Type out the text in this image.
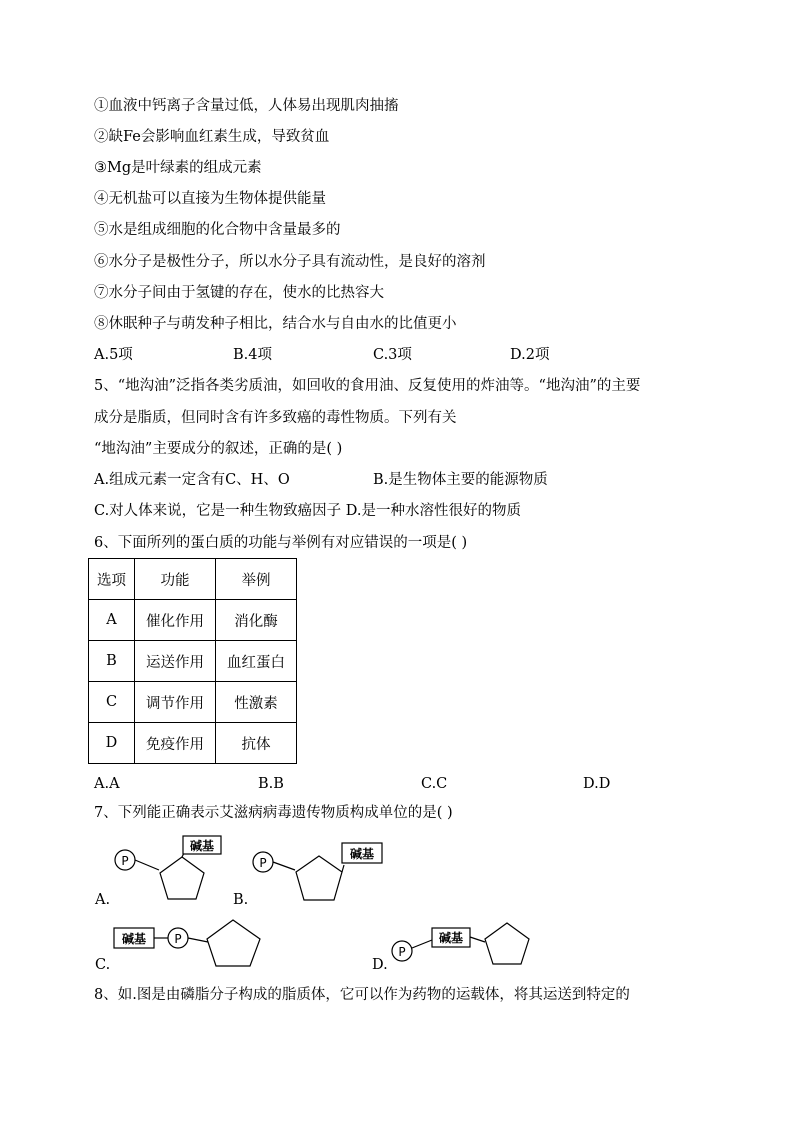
①血液中钙离子含量过低，人体易出现肌肉抽搐
②缺Fe会影响血红素生成，导致贫血
③Mg是叶绿素的组成元素
④无机盐可以直接为生物体提供能量
⑤水是组成细胞的化合物中含量最多的
⑥水分子是极性分子，所以水分子具有流动性，是良好的溶剂
⑦水分子间由于氢键的存在，使水的比热容大
⑧休眠种子与萌发种子相比，结合水与自由水的比值更小
A.5项	B.4项	C.3项	D.2项
5、“地沟油”泛指各类劣质油，如回收的食用油、反复使用的炸油等。“地沟油”的主要
成分是脂质，但同时含有许多致癌的毒性物质。下列有关
“地沟油”主要成分的叙述，正确的是( )
A.组成元素一定含有C、H、O	B.是生物体主要的能源物质
C.对人体来说，它是一种生物致癌因子 D.是一种水溶性很好的物质
6、下面所列的蛋白质的功能与举例有对应错误的一项是( )
选项	功能	举例
A	催化作用	消化酶
B	运送作用	血红蛋白
C	调节作用	性激素
D	免疫作用	抗体
A.A	B.B	C.C	D.D
7、下列能正确表示艾滋病病毒遗传物质构成单位的是( )
A.
P
碱基
B.
P
碱基
C.
碱基 P
D.
P
碱基
8、如.图是由磷脂分子构成的脂质体，它可以作为药物的运载体，将其运送到特定的
